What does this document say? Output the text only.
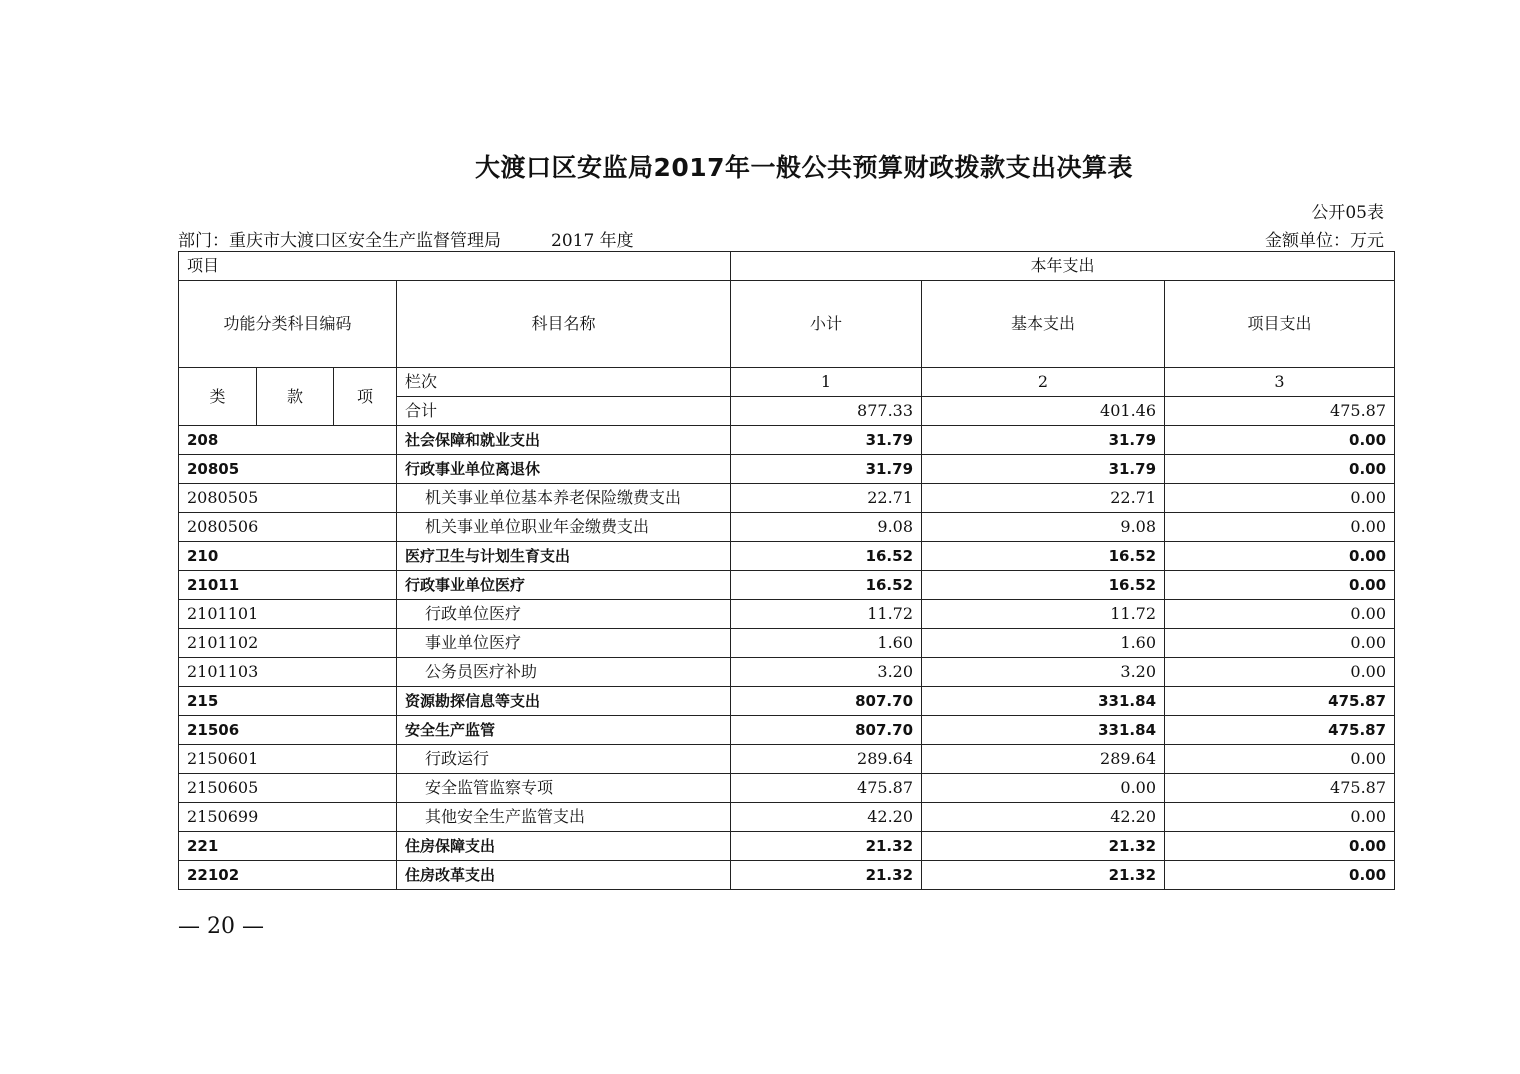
大渡口区安监局2017年一般公共预算财政拨款支出决算表
公开05表
部门：重庆市大渡口区安全生产监督管理局	2017 年度	金额单位：万元
项目				本年支出		
功能分类科目编码			科目名称	小计	基本支出	项目支出
类	款	项	栏次	1	2	3
			合计	877.33	401.46	475.87
208			社会保障和就业支出	31.79	31.79	0.00
20805			行政事业单位离退休	31.79	31.79	0.00
2080505			机关事业单位基本养老保险缴费支出	22.71	22.71	0.00
2080506			机关事业单位职业年金缴费支出	9.08	9.08	0.00
210			医疗卫生与计划生育支出	16.52	16.52	0.00
21011			行政事业单位医疗	16.52	16.52	0.00
2101101			行政单位医疗	11.72	11.72	0.00
2101102			事业单位医疗	1.60	1.60	0.00
2101103			公务员医疗补助	3.20	3.20	0.00
215			资源勘探信息等支出	807.70	331.84	475.87
21506			安全生产监管	807.70	331.84	475.87
2150601			行政运行	289.64	289.64	0.00
2150605			安全监管监察专项	475.87	0.00	475.87
2150699			其他安全生产监管支出	42.20	42.20	0.00
221			住房保障支出	21.32	21.32	0.00
22102			住房改革支出	21.32	21.32	0.00
— 20 —
